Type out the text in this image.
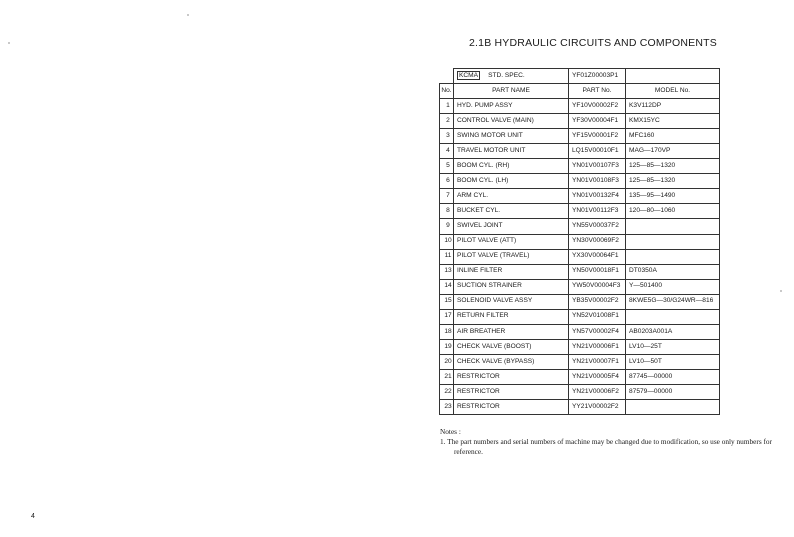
2.1B HYDRAULIC CIRCUITS AND COMPONENTS
	KCMA STD. SPEC.	YF01Z00003P1	
No.	PART NAME	PART No.	MODEL No.
1	HYD. PUMP ASSY	YF10V00002F2	K3V112DP
2	CONTROL VALVE (MAIN)	YF30V00004F1	KMX15YC
3	SWING MOTOR UNIT	YF15V00001F2	MFC160
4	TRAVEL MOTOR UNIT	LQ15V00010F1	MAG—170VP
5	BOOM CYL. (RH)	YN01V00107F3	125—85—1320
6	BOOM CYL. (LH)	YN01V00108F3	125—85—1320
7	ARM CYL.	YN01V00132F4	135—95—1490
8	BUCKET CYL.	YN01V00112F3	120—80—1060
9	SWIVEL JOINT	YN55V00037F2	
10	PILOT VALVE (ATT)	YN30V00069F2	
11	PILOT VALVE (TRAVEL)	YX30V00064F1	
13	INLINE FILTER	YN50V00018F1	DT0350A
14	SUCTION STRAINER	YW50V00004F3	Y—501400
15	SOLENOID VALVE ASSY	YB35V00002F2	8KWE5G—30/G24WR—816
17	RETURN FILTER	YN52V01008F1	
18	AIR BREATHER	YN57V00002F4	AB0203A001A
19	CHECK VALVE (BOOST)	YN21V00006F1	LV10—25T
20	CHECK VALVE (BYPASS)	YN21V00007F1	LV10—50T
21	RESTRICTOR	YN21V00005F4	87745—00000
22	RESTRICTOR	YN21V00006F2	87579—00000
23	RESTRICTOR	YY21V00002F2	
Notes :
1. The part numbers and serial numbers of machine may be changed due to modification, so use only numbers for reference.
4
